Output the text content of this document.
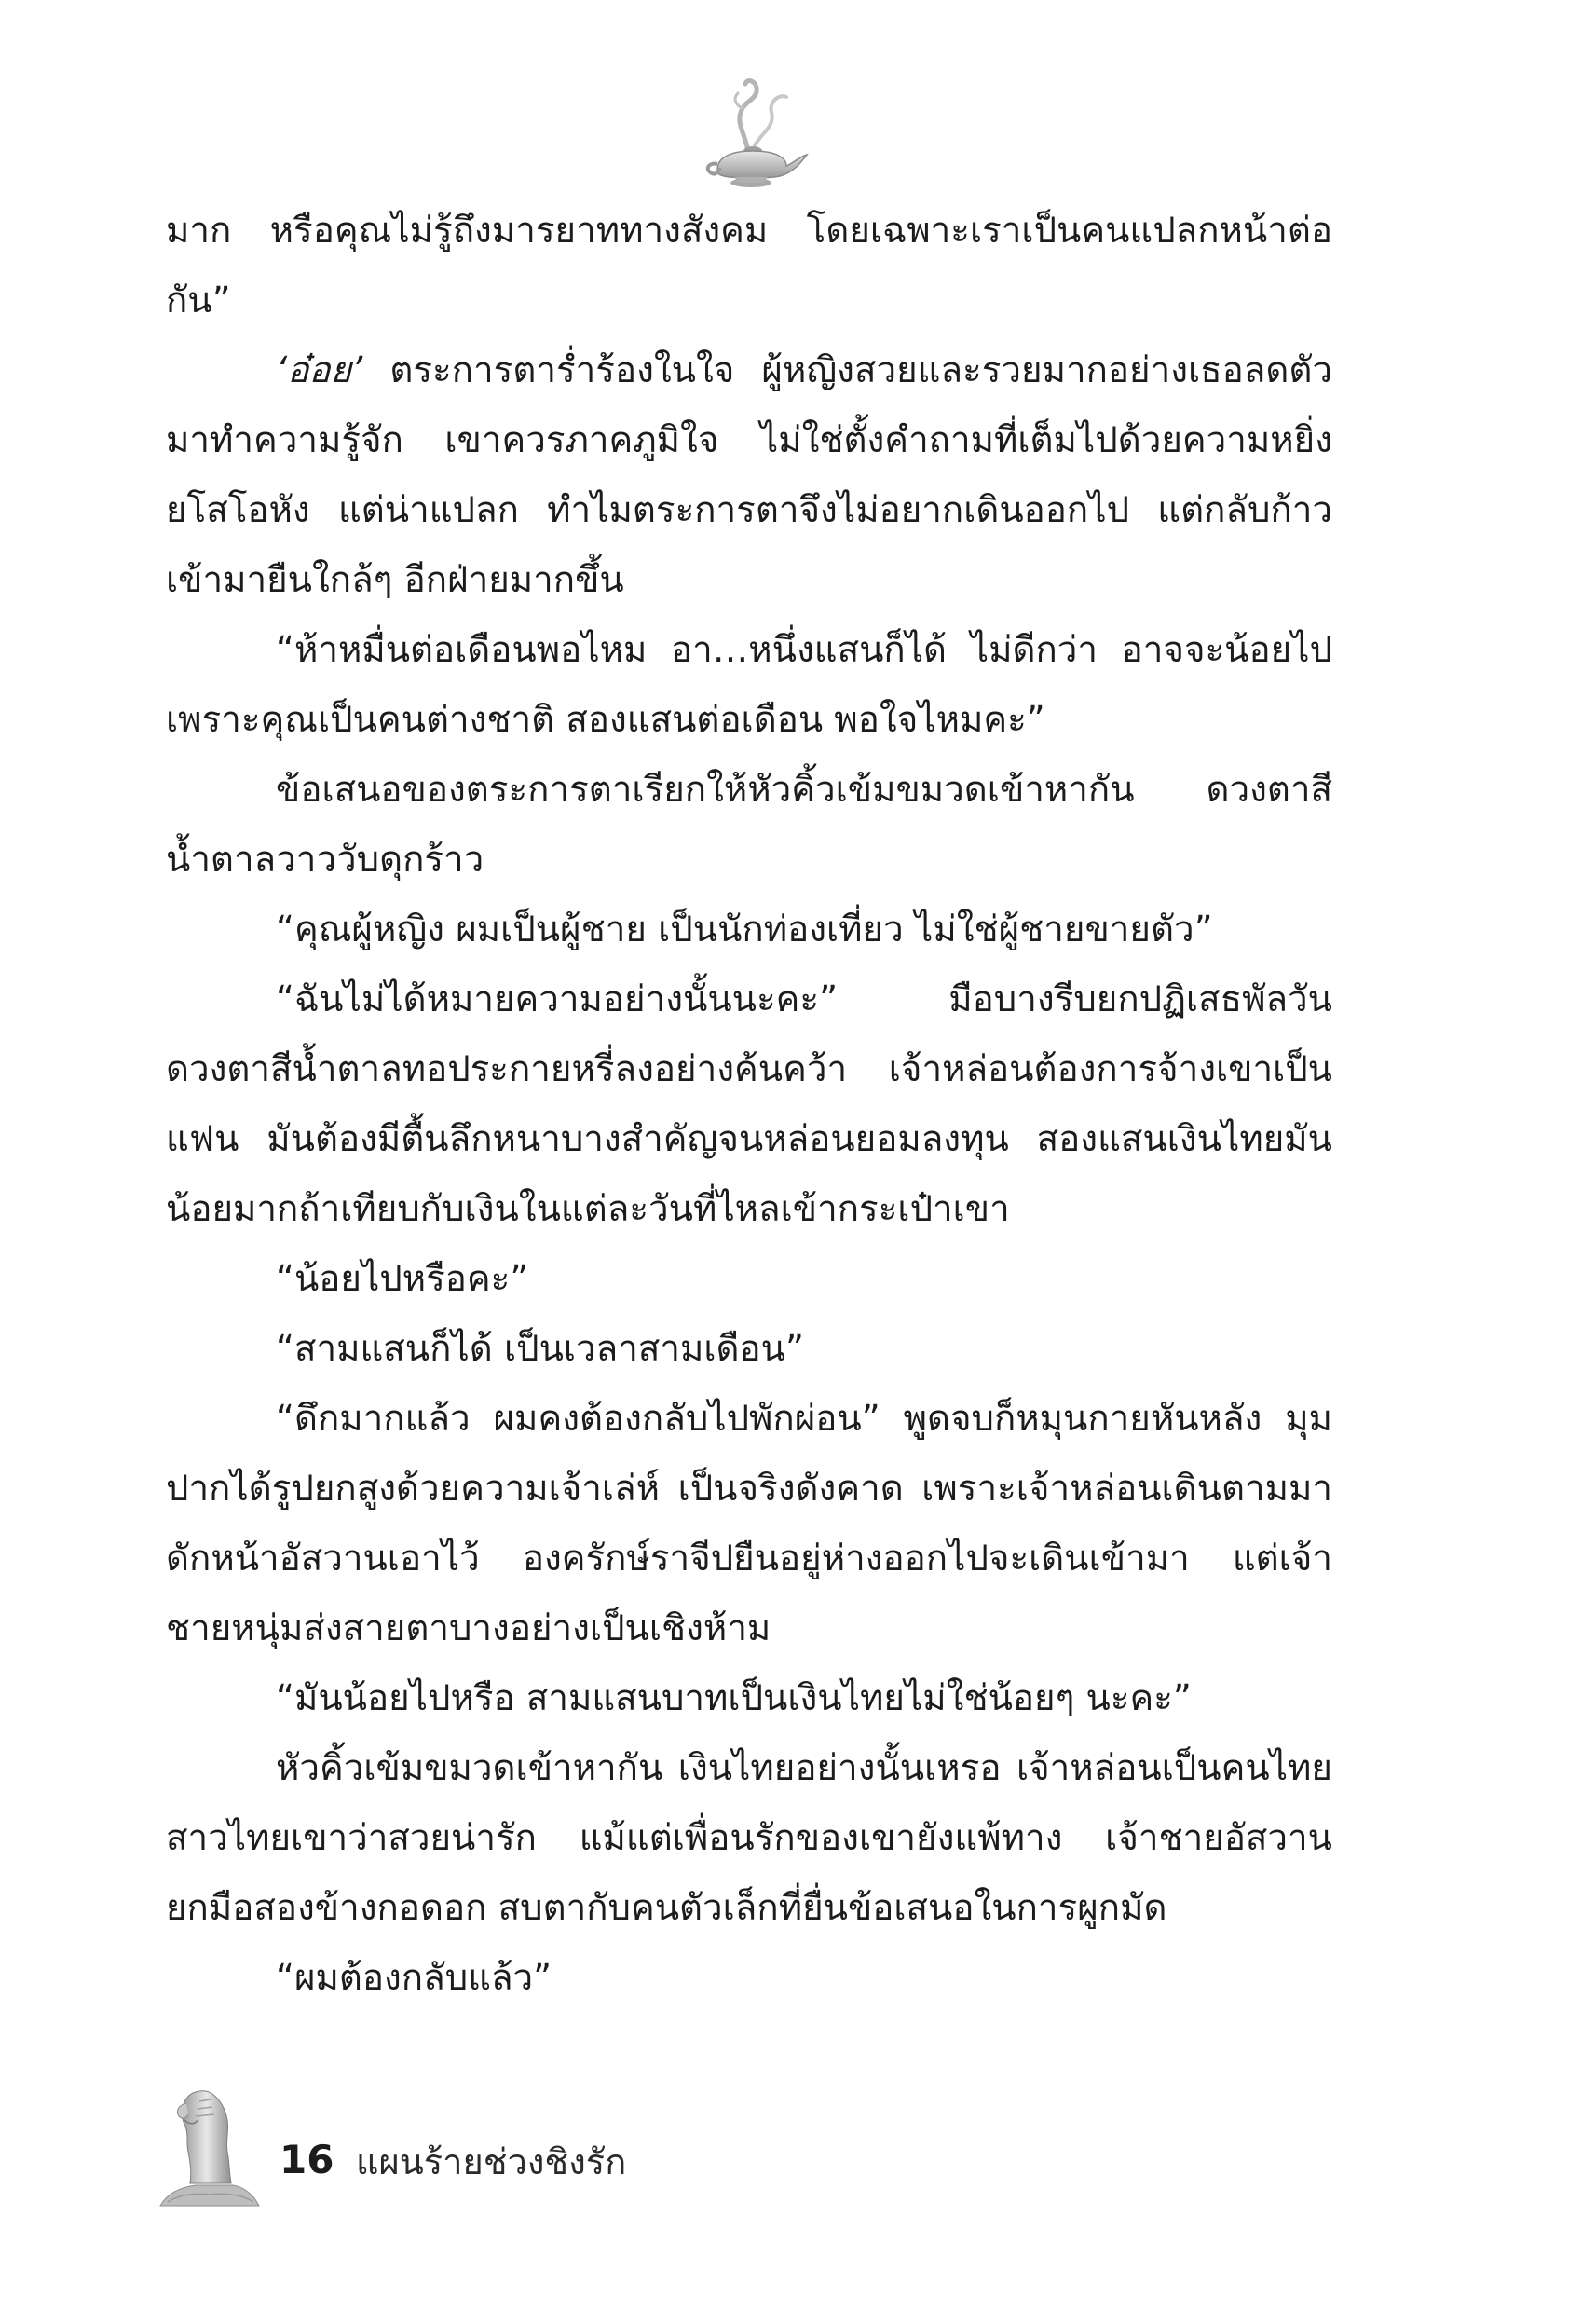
มาก หรือคุณไม่รู้ถึงมารยาททางสังคม โดยเฉพาะเราเป็นคนแปลกหน้าต่อกัน”

‘อ๋อย’ ตระการตาร่ำร้องในใจ ผู้หญิงสวยและรวยมากอย่างเธอลดตัวมาทำความรู้จัก เขาควรภาคภูมิใจ ไม่ใช่ตั้งคำถามที่เต็มไปด้วยความหยิ่งยโสโอหัง แต่น่าแปลก ทำไมตระการตาจึงไม่อยากเดินออกไป แต่กลับก้าวเข้ามายืนใกล้ๆ อีกฝ่ายมากขึ้น

“ห้าหมื่นต่อเดือนพอไหม อา…หนึ่งแสนก็ได้ ไม่ดีกว่า อาจจะน้อยไป เพราะคุณเป็นคนต่างชาติ สองแสนต่อเดือน พอใจไหมคะ”

ข้อเสนอของตระการตาเรียกให้หัวคิ้วเข้มขมวดเข้าหากัน ดวงตาสีน้ำตาลวาววับดุกร้าว

“คุณผู้หญิง ผมเป็นผู้ชาย เป็นนักท่องเที่ยว ไม่ใช่ผู้ชายขายตัว”

“ฉันไม่ได้หมายความอย่างนั้นนะคะ” มือบางรีบยกปฏิเสธพัลวัน ดวงตาสีน้ำตาลทอประกายหรี่ลงอย่างค้นคว้า เจ้าหล่อนต้องการจ้างเขาเป็นแฟน มันต้องมีตื้นลึกหนาบางสำคัญจนหล่อนยอมลงทุน สองแสนเงินไทยมันน้อยมากถ้าเทียบกับเงินในแต่ละวันที่ไหลเข้ากระเป๋าเขา

“น้อยไปหรือคะ”

“สามแสนก็ได้ เป็นเวลาสามเดือน”

“ดึกมากแล้ว ผมคงต้องกลับไปพักผ่อน” พูดจบก็หมุนกายหันหลัง มุมปากได้รูปยกสูงด้วยความเจ้าเล่ห์ เป็นจริงดังคาด เพราะเจ้าหล่อนเดินตามมาดักหน้าอัสวานเอาไว้ องครักษ์ราจีปยืนอยู่ห่างออกไปจะเดินเข้ามา แต่เจ้าชายหนุ่มส่งสายตาบางอย่างเป็นเชิงห้าม

“มันน้อยไปหรือ สามแสนบาทเป็นเงินไทยไม่ใช่น้อยๆ นะคะ”

หัวคิ้วเข้มขมวดเข้าหากัน เงินไทยอย่างนั้นเหรอ เจ้าหล่อนเป็นคนไทย สาวไทยเขาว่าสวยน่ารัก แม้แต่เพื่อนรักของเขายังแพ้ทาง เจ้าชายอัสวานยกมือสองข้างกอดอก สบตากับคนตัวเล็กที่ยื่นข้อเสนอในการผูกมัด

“ผมต้องกลับแล้ว”

16 แผนร้ายช่วงชิงรัก
